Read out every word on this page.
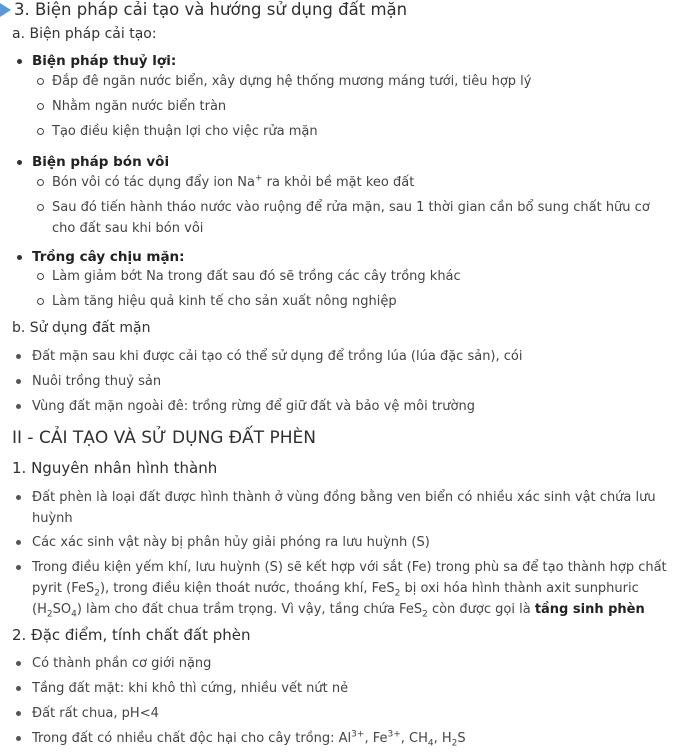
3. Biện pháp cải tạo và hướng sử dụng đất mặn
a. Biện pháp cải tạo:
Biện pháp thuỷ lợi:
Đắp đê ngăn nước biển, xây dựng hệ thống mương máng tưới, tiêu hợp lý
Nhằm ngăn nước biển tràn
Tạo điều kiện thuận lợi cho việc rửa mặn
Biện pháp bón vôi
Bón vôi có tác dụng đẩy ion Na+ ra khỏi bề mặt keo đất
Sau đó tiến hành tháo nước vào ruộng để rửa mặn, sau 1 thời gian cần bổ sung chất hữu cơ cho đất sau khi bón vôi
Trồng cây chịu mặn:
Làm giảm bớt Na trong đất sau đó sẽ trồng các cây trồng khác
Làm tăng hiệu quả kinh tế cho sản xuất nông nghiệp
b. Sử dụng đất mặn
Đất mặn sau khi được cải tạo có thể sử dụng để trồng lúa (lúa đặc sản), cói
Nuôi trồng thuỷ sản
Vùng đất mặn ngoài đê: trồng rừng để giữ đất và bảo vệ môi trường
II - CẢI TẠO VÀ SỬ DỤNG ĐẤT PHÈN
1. Nguyên nhân hình thành
Đất phèn là loại đất được hình thành ở vùng đồng bằng ven biển có nhiều xác sinh vật chứa lưu huỳnh
Các xác sinh vật này bị phân hủy giải phóng ra lưu huỳnh (S)
Trong điều kiện yếm khí, lưu huỳnh (S) sẽ kết hợp với sắt (Fe) trong phù sa để tạo thành hợp chất pyrit (FeS$_2$), trong điều kiện thoát nước, thoáng khí, FeS$_2$ bị oxi hóa hình thành axit sunphuric $(H_2SO_4)$ làm cho đất chua trầm trọng. Vì vậy, tầng chứa FeS$_2$ còn được gọi là tầng sinh phèn
2. Đặc điểm, tính chất đất phèn
Có thành phần cơ giới nặng
Tầng đất mặt: khi khô thì cứng, nhiều vết nứt nẻ
Đất rất chua, pH<4
Trong đất có nhiều chất độc hại cho cây trồng: $Al^{3+}$, $Fe^{3+}$, $CH_4$, $H_2S$
